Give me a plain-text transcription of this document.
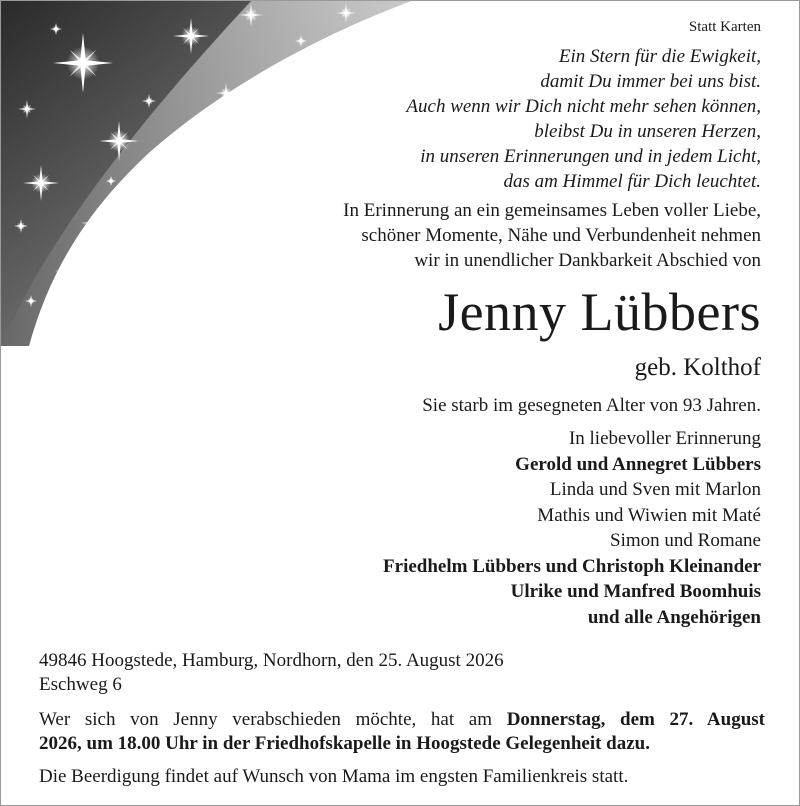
Statt Karten
Ein Stern für die Ewigkeit,
damit Du immer bei uns bist.
Auch wenn wir Dich nicht mehr sehen können,
bleibst Du in unseren Herzen,
in unseren Erinnerungen und in jedem Licht,
das am Himmel für Dich leuchtet.
In Erinnerung an ein gemeinsames Leben voller Liebe,
schöner Momente, Nähe und Verbundenheit nehmen
wir in unendlicher Dankbarkeit Abschied von
Jenny Lübbers
geb. Kolthof
Sie starb im gesegneten Alter von 93 Jahren.
In liebevoller Erinnerung
Gerold und Annegret Lübbers
Linda und Sven mit Marlon
Mathis und Wiwien mit Maté
Simon und Romane
Friedhelm Lübbers und Christoph Kleinander
Ulrike und Manfred Boomhuis
und alle Angehörigen
49846 Hoogstede, Hamburg, Nordhorn, den 25. August 2026
Eschweg 6
Wer sich von Jenny verabschieden möchte, hat am Donnerstag, dem 27. August
2026, um 18.00 Uhr in der Friedhofskapelle in Hoogstede Gelegenheit dazu.
Die Beerdigung findet auf Wunsch von Mama im engsten Familienkreis statt.
